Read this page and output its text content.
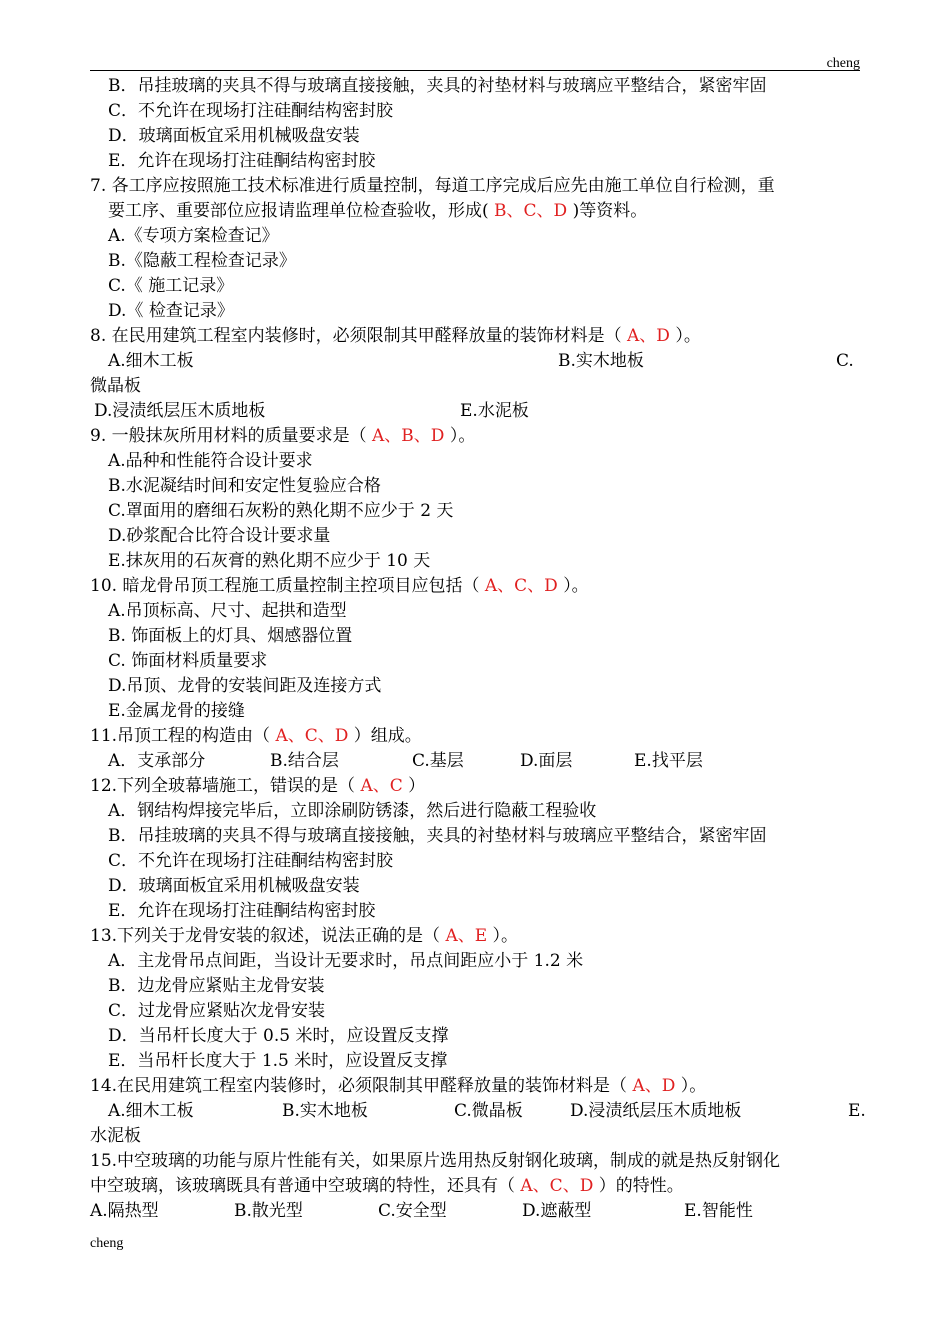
cheng
B．吊挂玻璃的夹具不得与玻璃直接接触，夹具的衬垫材料与玻璃应平整结合，紧密牢固
C．不允许在现场打注硅酮结构密封胶
D．玻璃面板宜采用机械吸盘安装
E．允许在现场打注硅酮结构密封胶
7. 各工序应按照施工技术标准进行质量控制，每道工序完成后应先由施工单位自行检测，重
要工序、重要部位应报请监理单位检查验收，形成( B、C、D )等资料。
A.《专项方案检查记》
B.《隐蔽工程检查记录》
C.《 施工记录》
D.《 检查记录》
8. 在民用建筑工程室内装修时，必须限制其甲醛释放量的装饰材料是（ A、D ）。
A.细木工板	B.实木地板	C.
微晶板
D.浸渍纸层压木质地板	E.水泥板
9. 一般抹灰所用材料的质量要求是（ A、B、D ）。
A.品种和性能符合设计要求
B.水泥凝结时间和安定性复验应合格
C.罩面用的磨细石灰粉的熟化期不应少于 2 天
D.砂浆配合比符合设计要求量
E.抹灰用的石灰膏的熟化期不应少于 10 天
10. 暗龙骨吊顶工程施工质量控制主控项目应包括（ A、C、D ）。
A.吊顶标高、尺寸、起拱和造型
B. 饰面板上的灯具、烟感器位置
C. 饰面材料质量要求
D.吊顶、龙骨的安装间距及连接方式
E.金属龙骨的接缝
11.吊顶工程的构造由（ A、C、D ）组成。
A．支承部分	B.结合层	C.基层	D.面层	E.找平层
12.下列全玻幕墙施工，错误的是（ A、C ）
A．钢结构焊接完毕后，立即涂刷防锈漆，然后进行隐蔽工程验收
B．吊挂玻璃的夹具不得与玻璃直接接触，夹具的衬垫材料与玻璃应平整结合，紧密牢固
C．不允许在现场打注硅酮结构密封胶
D．玻璃面板宜采用机械吸盘安装
E．允许在现场打注硅酮结构密封胶
13.下列关于龙骨安装的叙述，说法正确的是（ A、E ）。
A．主龙骨吊点间距，当设计无要求时，吊点间距应小于 1.2 米
B．边龙骨应紧贴主龙骨安装
C．过龙骨应紧贴次龙骨安装
D．当吊杆长度大于 0.5 米时，应设置反支撑
E．当吊杆长度大于 1.5 米时，应设置反支撑
14.在民用建筑工程室内装修时，必须限制其甲醛释放量的装饰材料是（ A、D ）。
A.细木工板	B.实木地板	C.微晶板	D.浸渍纸层压木质地板	E.
水泥板
15.中空玻璃的功能与原片性能有关，如果原片选用热反射钢化玻璃，制成的就是热反射钢化
中空玻璃，该玻璃既具有普通中空玻璃的特性，还具有（ A、C、D ）的特性。
A.隔热型	B.散光型	C.安全型	D.遮蔽型	E.智能性
cheng
